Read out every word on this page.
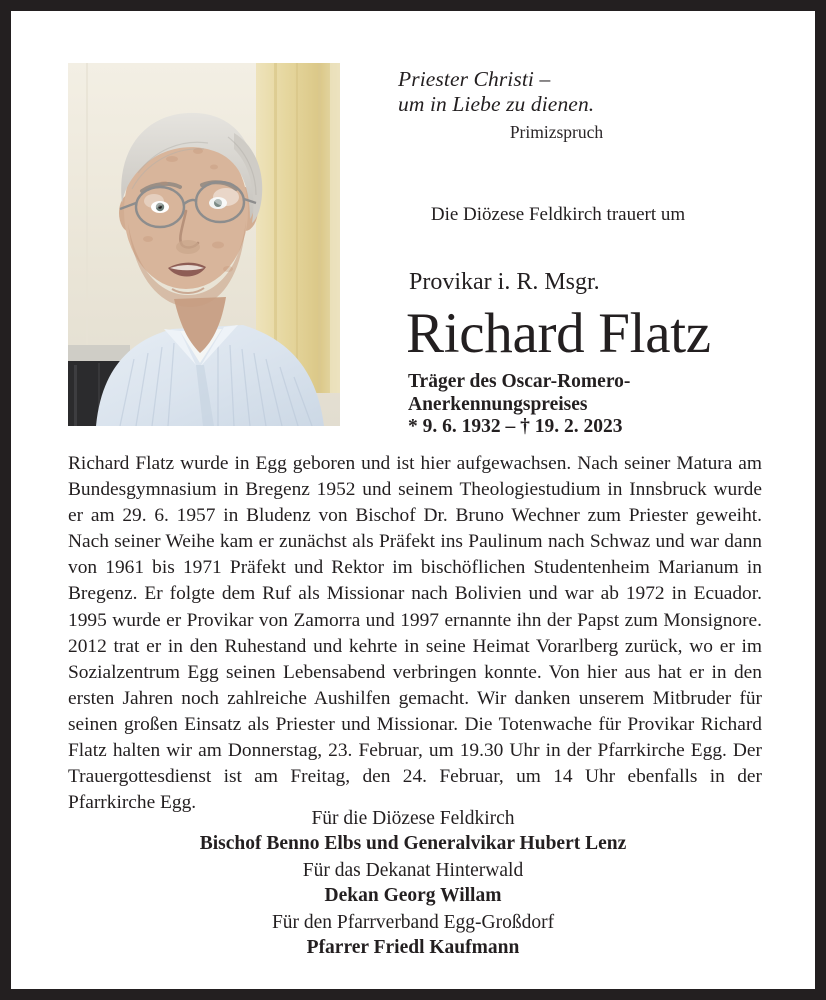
Priester Christi –
um in Liebe zu dienen.
Primizspruch
Die Diözese Feldkirch trauert um
Provikar i. R. Msgr.
Richard Flatz
Träger des Oscar-Romero-
Anerkennungspreises
* 9. 6. 1932 – † 19. 2. 2023
Richard Flatz wurde in Egg geboren und ist hier aufgewachsen. Nach seiner Matura am Bundesgymnasium in Bregenz 1952 und seinem Theologiestudium in Innsbruck wurde er am 29. 6. 1957 in Bludenz von Bischof Dr. Bruno Wechner zum Priester geweiht. Nach seiner Weihe kam er zunächst als Präfekt ins Paulinum nach Schwaz und war dann von 1961 bis 1971 Präfekt und Rektor im bischöflichen Studentenheim Marianum in Bregenz. Er folgte dem Ruf als Missionar nach Bolivien und war ab 1972 in Ecuador. 1995 wurde er Provikar von Zamorra und 1997 ernannte ihn der Papst zum Monsignore. 2012 trat er in den Ruhestand und kehrte in seine Heimat Vorarlberg zurück, wo er im Sozialzentrum Egg seinen Lebensabend verbringen konnte. Von hier aus hat er in den ersten Jahren noch zahlreiche Aushilfen gemacht. Wir danken unserem Mitbruder für seinen großen Einsatz als Priester und Missionar. Die Totenwache für Provikar Richard Flatz halten wir am Donnerstag, 23. Februar, um 19.30 Uhr in der Pfarrkirche Egg. Der Trauergottesdienst ist am Freitag, den 24. Februar, um 14 Uhr ebenfalls in der Pfarrkirche Egg.
Für die Diözese Feldkirch
Bischof Benno Elbs und Generalvikar Hubert Lenz
Für das Dekanat Hinterwald
Dekan Georg Willam
Für den Pfarrverband Egg-Großdorf
Pfarrer Friedl Kaufmann
